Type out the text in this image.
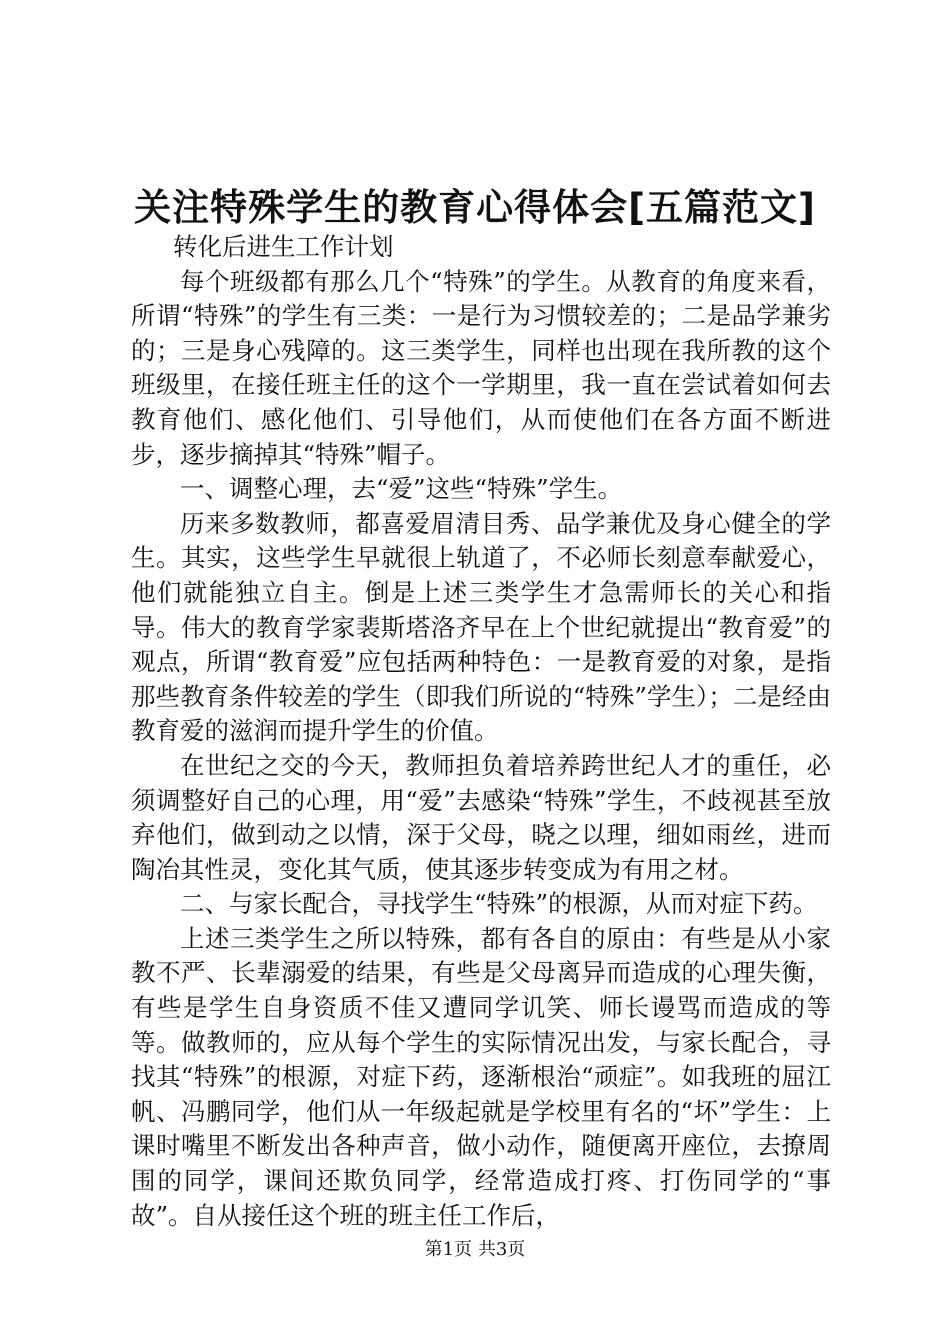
关注特殊学生的教育心得体会[五篇范文]

转化后进生工作计划

每个班级都有那么几个“特殊”的学生。从教育的角度来看，所谓“特殊”的学生有三类：一是行为习惯较差的；二是品学兼劣的；三是身心残障的。这三类学生，同样也出现在我所教的这个班级里，在接任班主任的这个一学期里，我一直在尝试着如何去教育他们、感化他们、引导他们，从而使他们在各方面不断进步，逐步摘掉其“特殊”帽子。

一、调整心理，去“爱”这些“特殊”学生。

历来多数教师，都喜爱眉清目秀、品学兼优及身心健全的学生。其实，这些学生早就很上轨道了，不必师长刻意奉献爱心，他们就能独立自主。倒是上述三类学生才急需师长的关心和指导。伟大的教育学家裴斯塔洛齐早在上个世纪就提出“教育爱”的观点，所谓“教育爱”应包括两种特色：一是教育爱的对象，是指那些教育条件较差的学生（即我们所说的“特殊”学生）；二是经由教育爱的滋润而提升学生的价值。

在世纪之交的今天，教师担负着培养跨世纪人才的重任，必须调整好自己的心理，用“爱”去感染“特殊”学生，不歧视甚至放弃他们，做到动之以情，深于父母，晓之以理，细如雨丝，进而陶冶其性灵，变化其气质，使其逐步转变成为有用之材。

二、与家长配合，寻找学生“特殊”的根源，从而对症下药。

上述三类学生之所以特殊，都有各自的原由：有些是从小家教不严、长辈溺爱的结果，有些是父母离异而造成的心理失衡，有些是学生自身资质不佳又遭同学讥笑、师长谩骂而造成的等等。做教师的，应从每个学生的实际情况出发，与家长配合，寻找其“特殊”的根源，对症下药，逐渐根治“顽症”。如我班的屈江帆、冯鹏同学，他们从一年级起就是学校里有名的“坏”学生：上课时嘴里不断发出各种声音，做小动作，随便离开座位，去撩周围的同学，课间还欺负同学，经常造成打疼、打伤同学的“事故”。自从接任这个班的班主任工作后，

第1页 共3页
